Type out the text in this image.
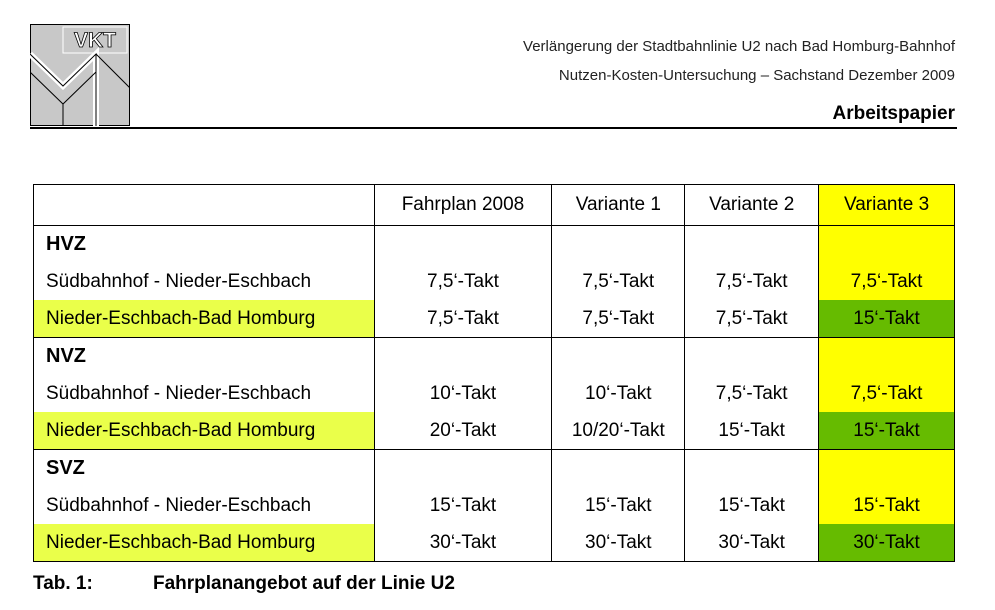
VKT	Verlängerung der Stadtbahnlinie U2 nach Bad Homburg-Bahnhof
Nutzen-Kosten-Untersuchung – Sachstand Dezember 2009
Arbeitspapier
	Fahrplan 2008	Variante 1	Variante 2	Variante 3
HVZ				
Südbahnhof - Nieder-Eschbach	7,5‘-Takt	7,5‘-Takt	7,5‘-Takt	7,5‘-Takt
Nieder-Eschbach-Bad Homburg	7,5‘-Takt	7,5‘-Takt	7,5‘-Takt	15‘-Takt
NVZ				
Südbahnhof - Nieder-Eschbach	10‘-Takt	10‘-Takt	7,5‘-Takt	7,5‘-Takt
Nieder-Eschbach-Bad Homburg	20‘-Takt	10/20‘-Takt	15‘-Takt	15‘-Takt
SVZ				
Südbahnhof - Nieder-Eschbach	15‘-Takt	15‘-Takt	15‘-Takt	15‘-Takt
Nieder-Eschbach-Bad Homburg	30‘-Takt	30‘-Takt	30‘-Takt	30‘-Takt
Tab. 1:	Fahrplanangebot auf der Linie U2
